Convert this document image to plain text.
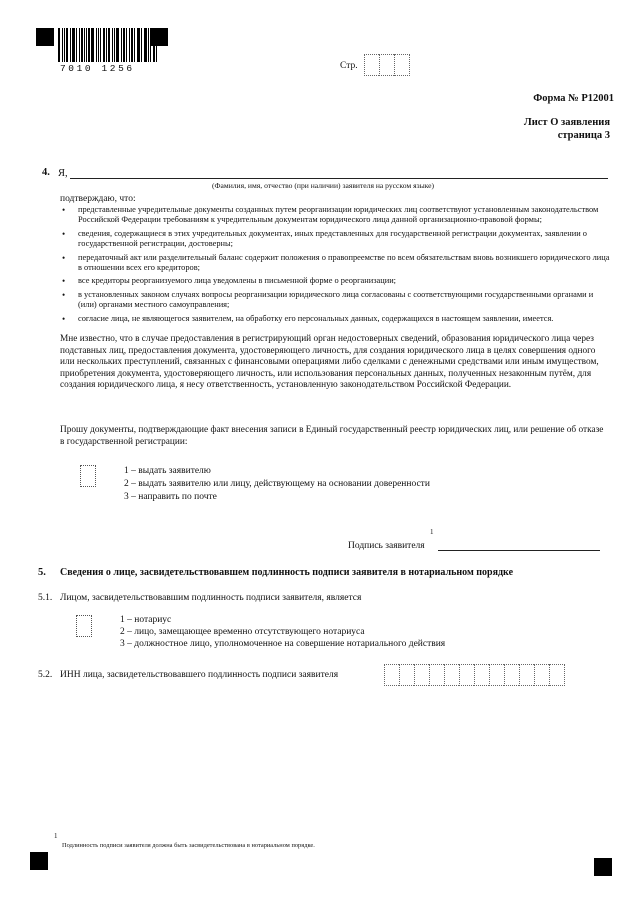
7010 1256	Стр.
Форма № Р12001
Лист О заявления
страница 3
4. Я,
(Фамилия, имя, отчество (при наличии) заявителя на русском языке)
подтверждаю, что:
• представленные учредительные документы созданных путем реорганизации юридических лиц соответствуют установленным законодательством Российской Федерации требованиям к учредительным документам юридического лица данной организационно-правовой формы;
• сведения, содержащиеся в этих учредительных документах, иных представленных для государственной регистрации документах, заявлении о государственной регистрации, достоверны;
• передаточный акт или разделительный баланс содержит положения о правопреемстве по всем обязательствам вновь возникшего юридического лица в отношении всех его кредиторов;
• все кредиторы реорганизуемого лица уведомлены в письменной форме о реорганизации;
• в установленных законом случаях вопросы реорганизации юридического лица согласованы с соответствующими государственными органами и (или) органами местного самоуправления;
• согласие лица, не являющегося заявителем, на обработку его персональных данных, содержащихся в настоящем заявлении, имеется.
Мне известно, что в случае предоставления в регистрирующий орган недостоверных сведений, образования юридического лица через подставных лиц, предоставления документа, удостоверяющего личность, для создания юридического лица в целях совершения одного или нескольких преступлений, связанных с финансовыми операциями либо сделками с денежными средствами или иным имуществом, приобретения документа, удостоверяющего личность, или использования персональных данных, полученных незаконным путём, для создания юридического лица, я несу ответственность, установленную законодательством Российской Федерации.
Прошу документы, подтверждающие факт внесения записи в Единый государственный реестр юридических лиц, или решение об отказе в государственной регистрации:
1 – выдать заявителю
2 – выдать заявителю или лицу, действующему на основании доверенности
3 – направить по почте
1
Подпись заявителя
5. Сведения о лице, засвидетельствовавшем подлинность подписи заявителя в нотариальном порядке
5.1. Лицом, засвидетельствовавшим подлинность подписи заявителя, является
1 – нотариус
2 – лицо, замещающее временно отсутствующего нотариуса
3 – должностное лицо, уполномоченное на совершение нотариального действия
5.2. ИНН лица, засвидетельствовавшего подлинность подписи заявителя
1
Подлинность подписи заявителя должна быть засвидетельствована в нотариальном порядке.
